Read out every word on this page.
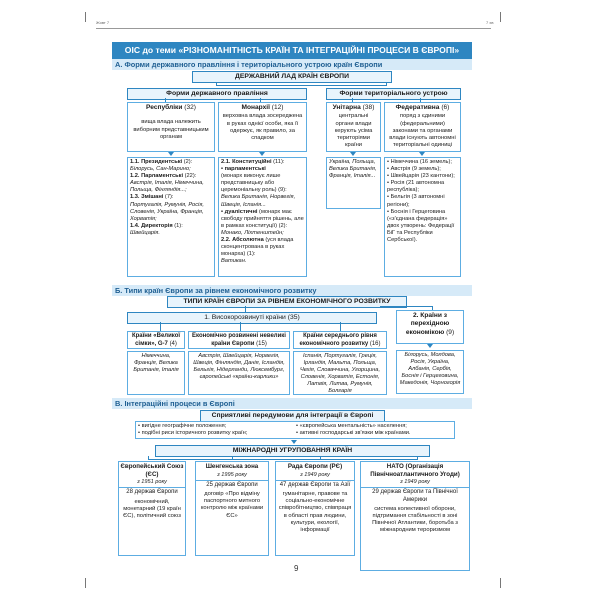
Жовт 7	7 хв
ОІС до теми «РІЗНОМАНІТНІСТЬ КРАЇН ТА ІНТЕГРАЦІЙНІ ПРОЦЕСИ В ЄВРОПІ»
А. Форми державного правління і територіального устрою країн Європи
ДЕРЖАВНИЙ ЛАД КРАЇН ЄВРОПИ
Форми державного правління	Форми територіального устрою
Республіки (32)
вища влада належить виборним представницьким органам
Монархії (12)
верховна влада зосереджена в руках однієї особи, яка її одержує, як правило, за спадком
Унітарна (38)
центральні органи влади керують усіма територіями країни
Федеративна (6)
поряд з єдиними (федеральними) законами та органами влади існують автономні територіальні одиниці
1.1. Президентські (2):
Білорусь, Сан-Марино;
1.2. Парламентські (22):
Австрія, Італія, Німеччина, Польща, Фінляндія...;
1.3. Змішані (7):
Португалія, Румунія, Росія, Словенія, Україна, Франція, Хорватія;
1.4. Директорія (1):
Швейцарія.
2.1. Конституційні (11):
• парламентські
(монарх виконує лише представницьку або церемоніальну роль) (9):
Велика Британія, Норвегія, Швеція, Іспанія...
• дуалістичні (монарх має свободу прийняття рішень, але в рамках конституції) (2):
Монако, Ліхтенштейн;
2.2. Абсолютна (уся влада сконцентрована в руках монарха) (1):
Ватикан.
Україна, Польща, Велика Британія, Франція, Італія...
• Німеччина (16 земель);
• Австрія (9 земель);
• Швейцарія (23 кантони);
• Росія (21 автономна республіка);
• Бельгія (3 автономні регіони);
• Боснія і Герцеговина («з'єднана федерація» двох утворень: Федерації БіГ та Республіки Сербської).
Б. Типи країн Європи за рівнем економічного розвитку
ТИПИ КРАЇН ЄВРОПИ ЗА РІВНЕМ ЕКОНОМІЧНОГО РОЗВИТКУ
1. Високорозвинуті країни (35)	2. Країни з перехідною економікою (9)
Білорусь, Молдова, Росія, Україна, Албанія, Сербія, Боснія і Герцеговина, Македонія, Чорногорія
Країни «Великої сімки», G-7 (4)
Економічно розвинені невеликі країни Європи (15)
Країни середнього рівня економічного розвитку (16)
Німеччина, Франція, Велика Британія, Італія
Австрія, Швейцарія, Норвегія, Швеція, Фінляндія, Данія, Ісландія, Бельгія, Нідерланди, Люксембург, європейські «країни-карлики»
Іспанія, Португалія, Греція, Ірландія, Мальта, Польща, Чехія, Словаччина, Угорщина, Словенія, Хорватія, Естонія, Латвія, Литва, Румунія, Болгарія
В. Інтеграційні процеси в Європі
Сприятливі передумови для інтеграції в Європі
• вигідне географічне положення;
• подібні риси історичного розвитку країн;
• «європейська ментальність» населення;
• активні господарські зв'язки між країнами.
МІЖНАРОДНІ УГРУПОВАННЯ КРАЇН
Європейський Союз (ЄС)
з 1951 року
28 держав Європи
економічний, монетарний (19 країн ЄС), політичний союз
Шенгенська зона
з 1995 року
25 держав Європи
договір «Про відміну паспортного митного контролю між країнами ЄС»
Рада Європи (РЄ)
з 1949 року
47 держав Європи та Азії
гуманітарне, правове та соціально-економічне співробітництво, співпраця в області прав людини, культури, екології, інформації
НАТО (Організація Північноатлантичного Угоди)
з 1949 року
29 держав Європи та Північної Америки
система колективної оборони, підтримання стабільності в зоні Північної Атлантики, боротьба з міжнародним тероризмом
9
